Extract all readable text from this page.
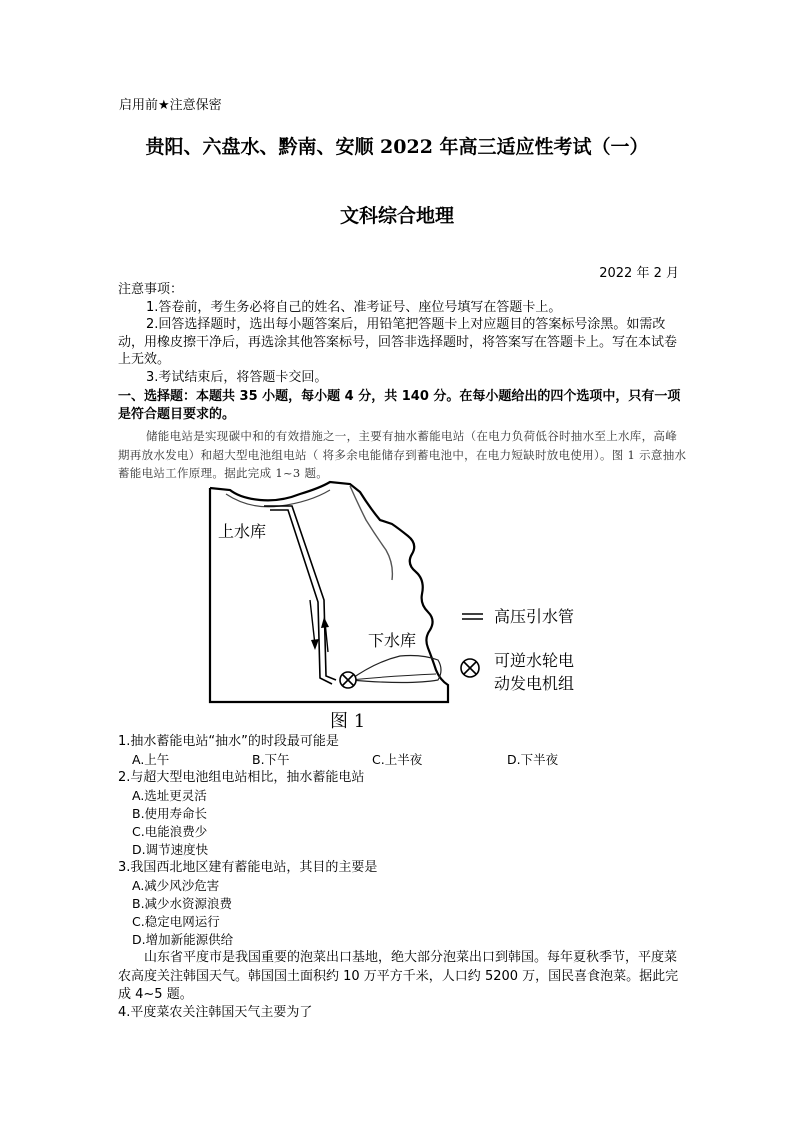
启用前★注意保密
贵阳、六盘水、黔南、安顺 2022 年高三适应性考试（一）
文科综合地理
2022 年 2 月
注意事项：
1.答卷前，考生务必将自己的姓名、准考证号、座位号填写在答题卡上。
2.回答选择题时，选出每小题答案后，用铅笔把答题卡上对应题目的答案标号涂黑。如需改动，用橡皮擦干净后，再选涂其他答案标号，回答非选择题时，将答案写在答题卡上。写在本试卷上无效。
3.考试结束后，将答题卡交回。
一、选择题：本题共 35 小题，每小题 4 分，共 140 分。在每小题给出的四个选项中，只有一项是符合题目要求的。
储能电站是实现碳中和的有效措施之一，主要有抽水蓄能电站（在电力负荷低谷时抽水至上水库，高峰期再放水发电）和超大型电池组电站（ 将多余电能储存到蓄电池中，在电力短缺时放电使用）。图 1 示意抽水蓄能电站工作原理。据此完成 1~3 题。
上水库
下水库
高压引水管
可逆水轮电
动发电机组
图 1
1.抽水蓄能电站“抽水”的时段最可能是
A.上午	B.下午	C.上半夜	D.下半夜
2.与超大型电池组电站相比，抽水蓄能电站
A.选址更灵活
B.使用寿命长
C.电能浪费少
D.调节速度快
3.我国西北地区建有蓄能电站，其目的主要是
A.减少风沙危害
B.减少水资源浪费
C.稳定电网运行
D.增加新能源供给
山东省平度市是我国重要的泡菜出口基地，绝大部分泡菜出口到韩国。每年夏秋季节，平度菜农高度关注韩国天气。韩国国土面积约 10 万平方千米，人口约 5200 万，国民喜食泡菜。据此完成 4~5 题。
4.平度菜农关注韩国天气主要为了
